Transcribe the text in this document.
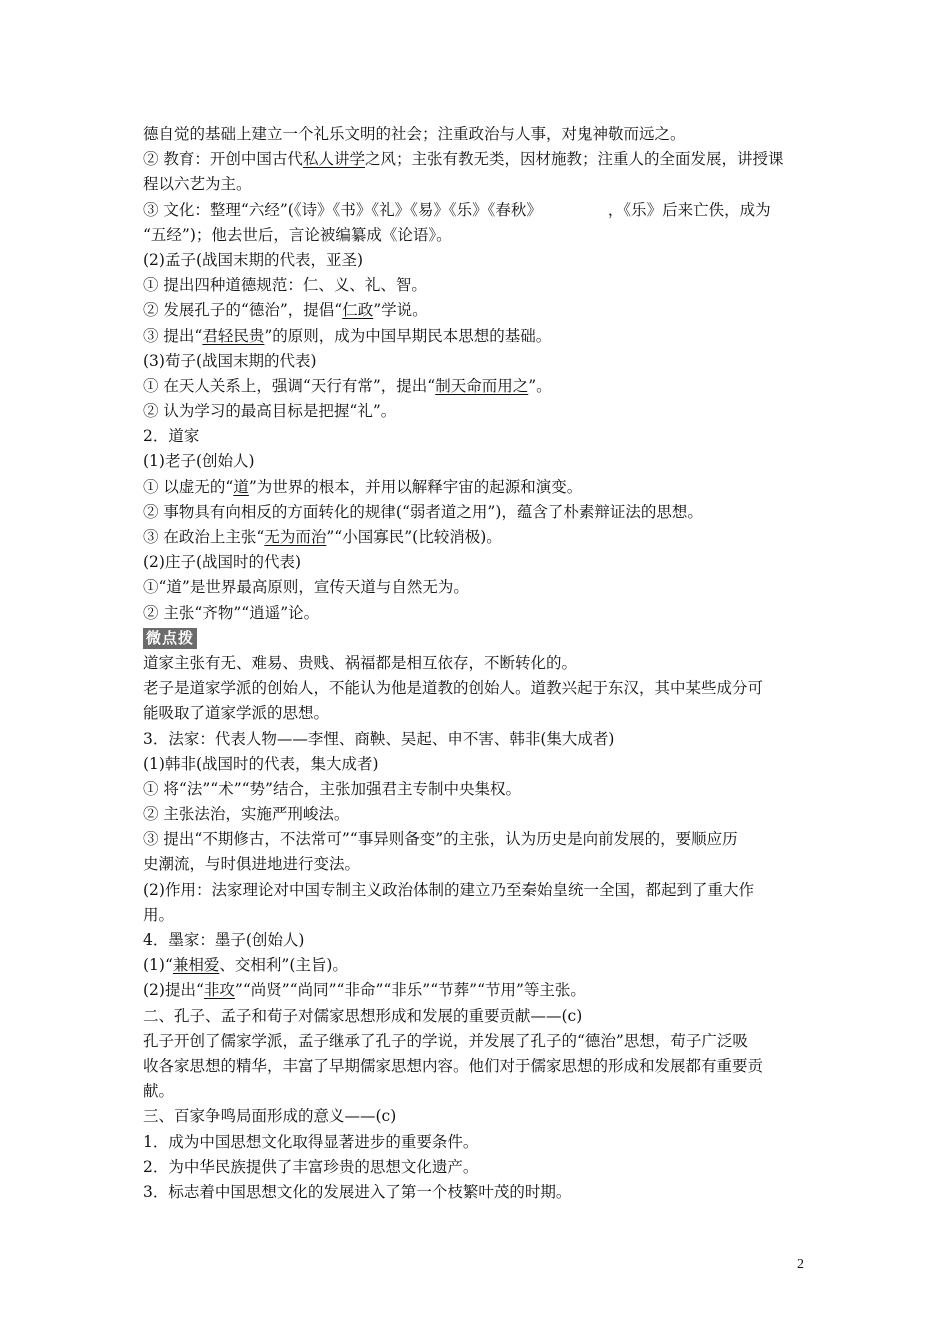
德自觉的基础上建立一个礼乐文明的社会；注重政治与人事，对鬼神敬而远之。
② 教育：开创中国古代私人讲学之风；主张有教无类，因材施教；注重人的全面发展，讲授课
程以六艺为主。
③ 文化：整理“六经”(《诗》《书》《礼》《易》《乐》《春秋》	，《乐》后来亡佚，成为
“五经”)；他去世后，言论被编纂成《论语》。
(2)孟子(战国末期的代表，亚圣)
① 提出四种道德规范：仁、义、礼、智。
② 发展孔子的“德治”，提倡“仁政”学说。
③ 提出“君轻民贵”的原则，成为中国早期民本思想的基础。
(3)荀子(战国末期的代表)
① 在天人关系上，强调“天行有常”，提出“制天命而用之”。
② 认为学习的最高目标是把握“礼”。
2．道家
(1)老子(创始人)
① 以虚无的“道”为世界的根本，并用以解释宇宙的起源和演变。
② 事物具有向相反的方面转化的规律(“弱者道之用”)，蕴含了朴素辩证法的思想。
③ 在政治上主张“无为而治”“小国寡民”(比较消极)。
(2)庄子(战国时的代表)
①“道”是世界最高原则，宣传天道与自然无为。
② 主张“齐物”“逍遥”论。
微点拨
道家主张有无、难易、贵贱、祸福都是相互依存，不断转化的。
老子是道家学派的创始人，不能认为他是道教的创始人。道教兴起于东汉，其中某些成分可
能吸取了道家学派的思想。
3．法家：代表人物——李悝、商鞅、吴起、申不害、韩非(集大成者)
(1)韩非(战国时的代表，集大成者)
① 将“法”“术”“势”结合，主张加强君主专制中央集权。
② 主张法治，实施严刑峻法。
③ 提出“不期修古，不法常可”“事异则备变”的主张，认为历史是向前发展的，要顺应历
史潮流，与时俱进地进行变法。
(2)作用：法家理论对中国专制主义政治体制的建立乃至秦始皇统一全国，都起到了重大作
用。
4．墨家：墨子(创始人)
(1)“兼相爱、交相利”(主旨)。
(2)提出“非攻”“尚贤”“尚同”“非命”“非乐”“节葬”“节用”等主张。
二、孔子、孟子和荀子对儒家思想形成和发展的重要贡献——(c)
孔子开创了儒家学派，孟子继承了孔子的学说，并发展了孔子的“德治”思想，荀子广泛吸
收各家思想的精华，丰富了早期儒家思想内容。他们对于儒家思想的形成和发展都有重要贡
献。
三、百家争鸣局面形成的意义——(c)
1．成为中国思想文化取得显著进步的重要条件。
2．为中华民族提供了丰富珍贵的思想文化遗产。
3．标志着中国思想文化的发展进入了第一个枝繁叶茂的时期。
2
